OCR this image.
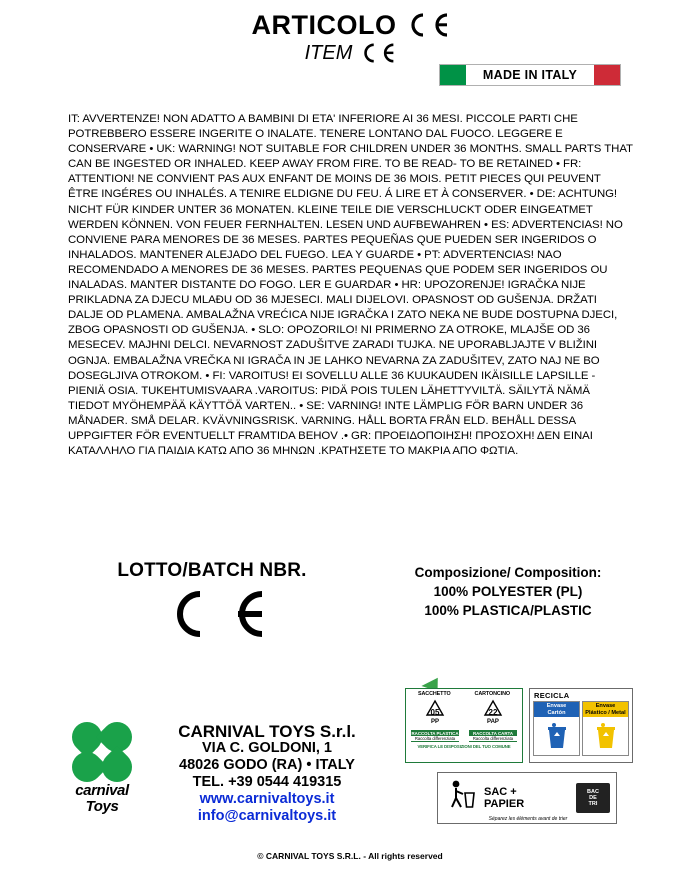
ARTICOLO
ITEM
MADE IN ITALY
IT: AVVERTENZE! NON ADATTO A BAMBINI DI ETA' INFERIORE AI 36 MESI. PICCOLE PARTI CHE POTREBBERO ESSERE INGERITE O INALATE. TENERE LONTANO DAL FUOCO. LEGGERE E CONSERVARE • UK: WARNING! NOT SUITABLE FOR CHILDREN UNDER 36 MONTHS. SMALL PARTS THAT CAN BE INGESTED OR INHALED. KEEP AWAY FROM FIRE. TO BE READ- TO BE RETAINED • FR: ATTENTION! NE CONVIENT PAS AUX ENFANT DE MOINS DE 36 MOIS. PETIT PIECES QUI PEUVENT ÊTRE INGÉRES OU INHALÉS. A TENIRE ELDIGNE DU FEU. Á LIRE ET À CONSERVER. • DE: ACHTUNG! NICHT FÜR KINDER UNTER 36 MONATEN. KLEINE TEILE DIE VERSCHLUCKT ODER EINGEATMET WERDEN KÖNNEN. VON FEUER FERNHALTEN. LESEN UND AUFBEWAHREN • ES: ADVERTENCIAS! NO CONVIENE PARA MENORES DE 36 MESES. PARTES PEQUEÑAS QUE PUEDEN SER INGERIDOS O INHALADOS. MANTENER ALEJADO DEL FUEGO. LEA Y GUARDE • PT: ADVERTENCIAS! NAO RECOMENDADO A MENORES DE 36 MESES. PARTES PEQUENAS QUE PODEM SER INGERIDOS OU INALADAS. MANTER DISTANTE DO FOGO. LER E GUARDAR • HR: UPOZORENJE! IGRAČKA NIJE PRIKLADNA ZA DJECU MLAĐU OD 36 MJESECI. MALI DIJELOVI. OPASNOST OD GUŠENJA. DRŽATI DALJE OD PLAMENA. AMBALAŽNA VREĆICA NIJE IGRAČKA I ZATO NEKA NE BUDE DOSTUPNA DJECI, ZBOG OPASNOSTI OD GUŠENJA. • SLO: OPOZORILO! NI PRIMERNO ZA OTROKE, MLAJŠE OD 36 MESECEV. MAJHNI DELCI. NEVARNOST ZADUŠITVE ZARADI TUJKA. NE UPORABLJAJTE V BLIŽINI OGNJA. EMBALAŽNA VREČKA NI IGRAČA IN JE LAHKO NEVARNA ZA ZADUŠITEV, ZATO NAJ NE BO DOSEGLJIVA OTROKOM. • FI: VAROITUS! EI SOVELLU ALLE 36 KUUKAUDEN IKÄISILLE LAPSILLE - PIENIÄ OSIA. TUKEHTUMISVAARA .VAROITUS: PIDÄ POIS TULEN LÄHETTYVILTÄ. SÄILYTÄ NÄMÄ TIEDOT MYÖHEMPÄÄ KÄYTTÖÄ VARTEN.. • SE: VARNING! INTE LÄMPLIG FÖR BARN UNDER 36 MÅNADER. SMÅ DELAR. KVÄVNINGSRISK. VARNING. HÅLL BORTA FRÅN ELD. BEHÅLL DESSA UPPGIFTER FÖR EVENTUELLT FRAMTIDA BEHOV .• GR: ΠΡΟΕΙΔΟΠΟΙΗΣΗ! ΠΡΟΣΟΧΗ! ΔΕΝ ΕΙΝΑΙ ΚΑΤΑΛΛΗΛΟ ΓΙΑ ΠΑΙΔΙΑ ΚΑΤΩ ΑΠΟ 36 ΜΗΝΩΝ .ΚΡΑΤΗΣΕΤΕ ΤΟ ΜΑΚΡΙΑ ΑΠΟ ΦΩΤΙΑ.
LOTTO/BATCH NBR.	Composizione/ Composition:
100% POLYESTER (PL)
100% PLASTICA/PLASTIC
SACCHETTO	CARTONCINO
05
PP
22
PAP
RACCOLTA PLASTICA
Raccolta differenziata
RACCOLTA CARTA
Raccolta differenziata
VERIFICA LE DISPOSIZIONI DEL TUO COMUNE
RECICLA
Envase
Cartón
Envase
Plástico / Metal
SAC +
PAPIER
BAC
DE
TRI
Séparez les éléments avant de trier
carnival
Toys
CARNIVAL TOYS S.r.l.
VIA C. GOLDONI, 1
48026 GODO (RA) • ITALY
TEL. +39 0544 419315
www.carnivaltoys.it
info@carnivaltoys.it
© CARNIVAL TOYS S.R.L. - All rights reserved
